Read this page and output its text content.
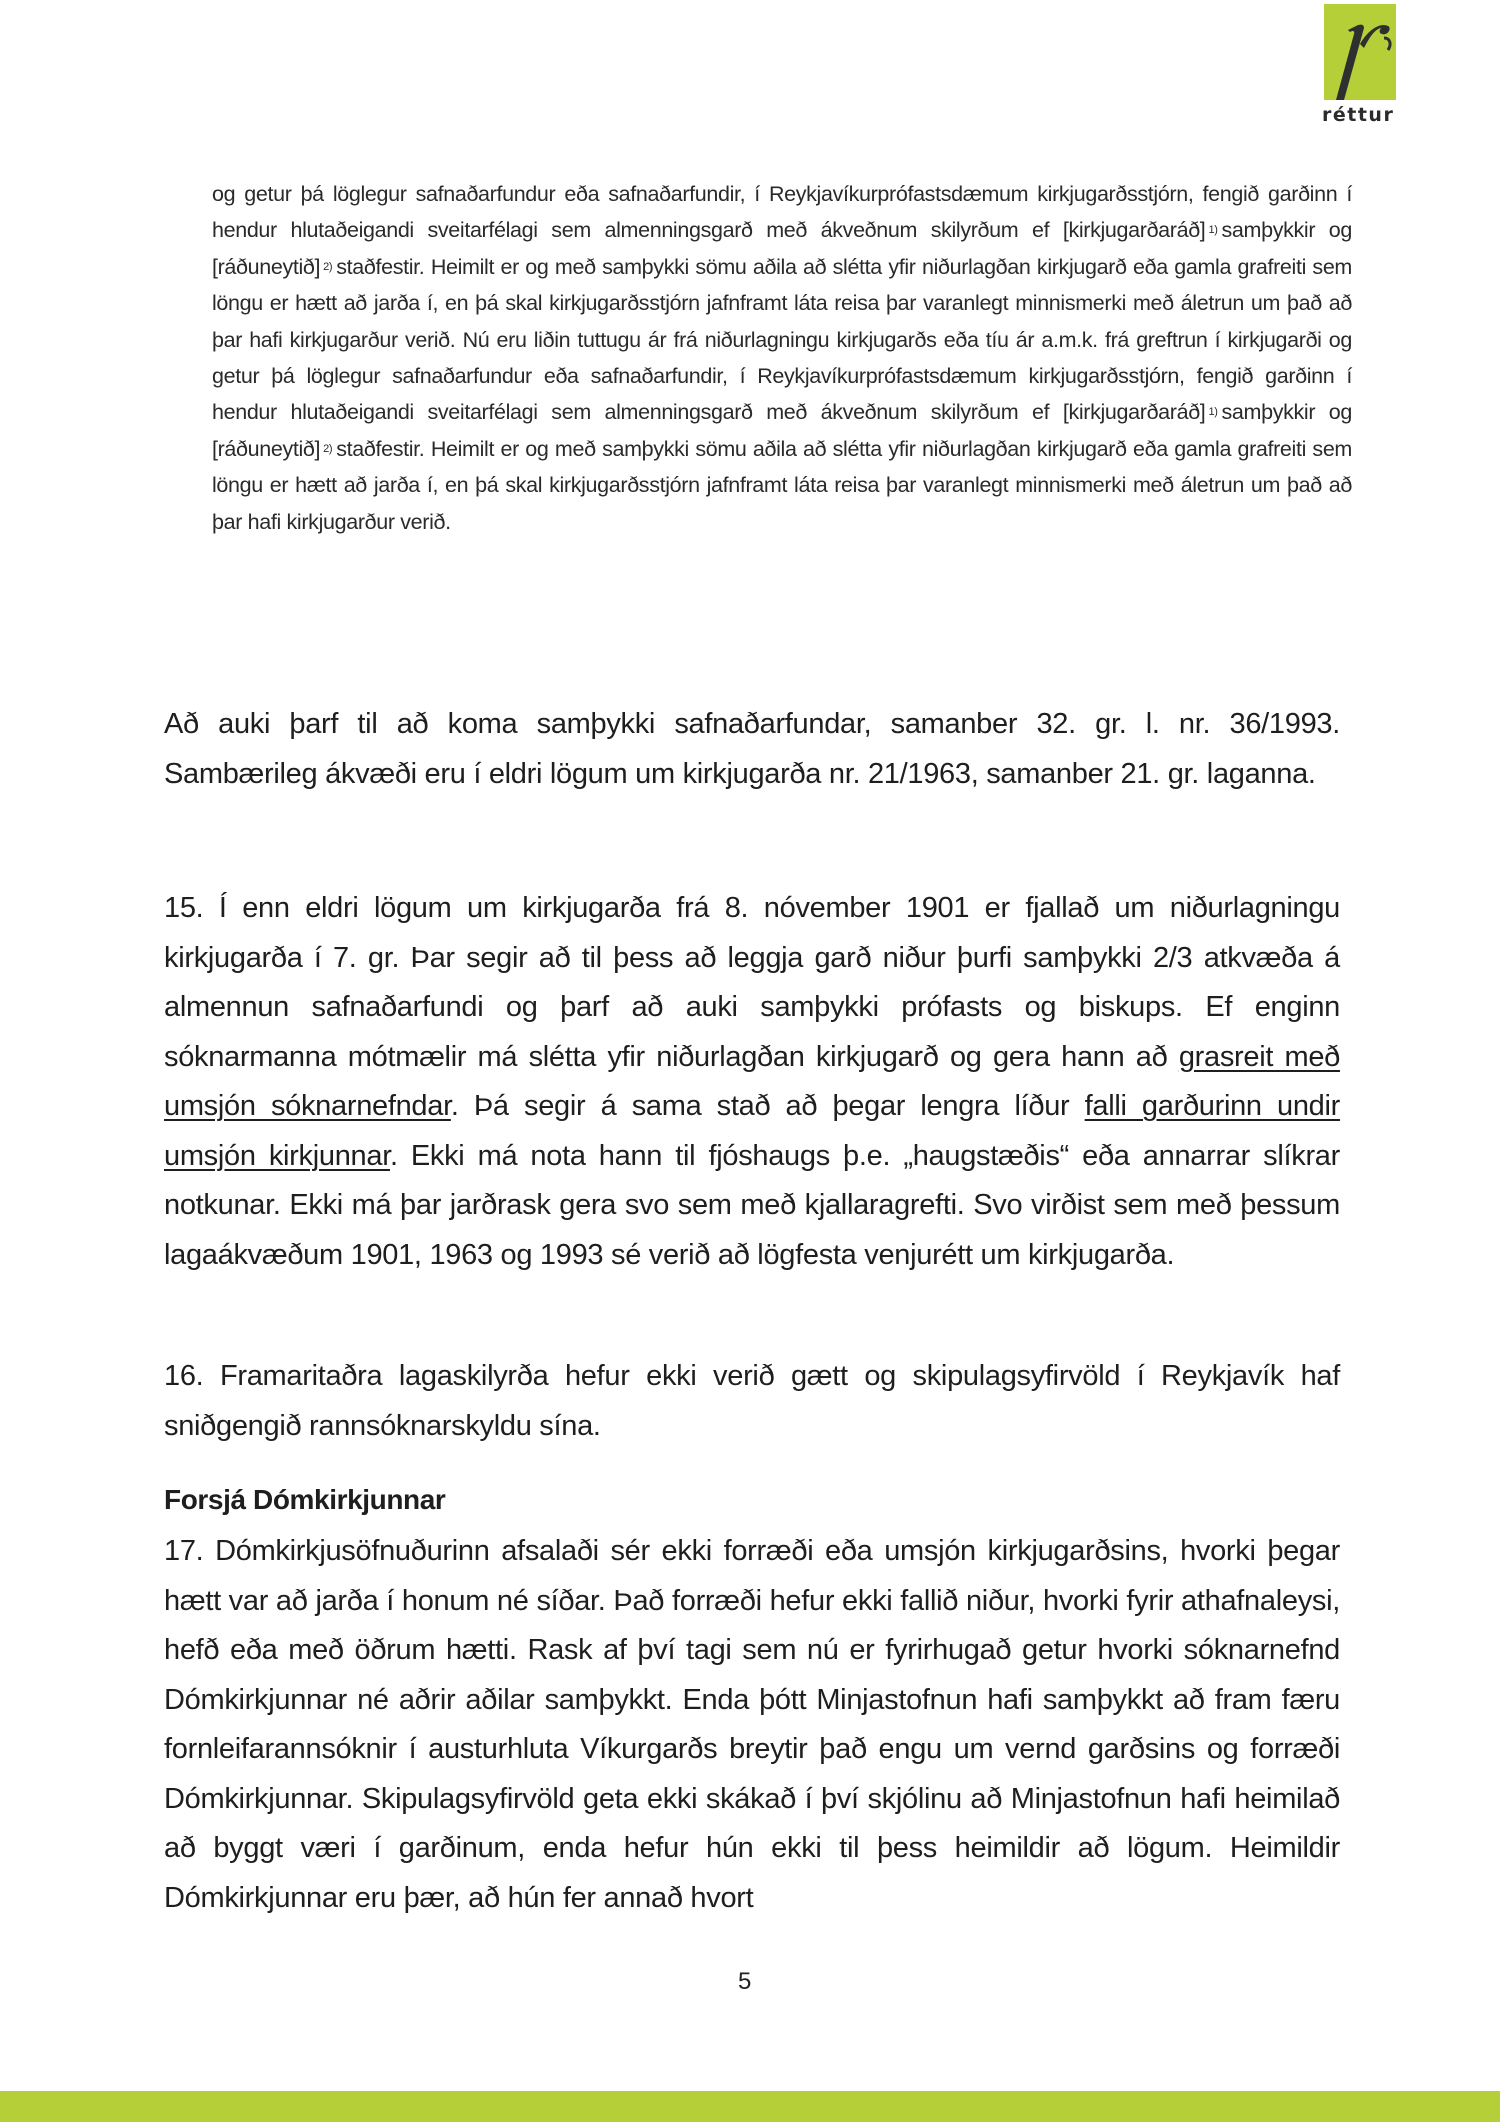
réttur

og getur þá löglegur safnaðarfundur eða safnaðarfundir, í Reykjavíkurprófastsdæmum kirkjugarðsstjórn, fengið garðinn í hendur hlutaðeigandi sveitarfélagi sem almenningsgarð með ákveðnum skilyrðum ef [kirkjugarðaráð] 1) samþykkir og [ráðuneytið] 2) staðfestir. Heimilt er og með samþykki sömu aðila að slétta yfir niðurlagðan kirkjugarð eða gamla grafreiti sem löngu er hætt að jarða í, en þá skal kirkjugarðsstjórn jafnframt láta reisa þar varanlegt minnismerki með áletrun um það að þar hafi kirkjugarður verið. Nú eru liðin tuttugu ár frá niðurlagningu kirkjugarðs eða tíu ár a.m.k. frá greftrun í kirkjugarði og getur þá löglegur safnaðarfundur eða safnaðarfundir, í Reykjavíkurprófastsdæmum kirkjugarðsstjórn, fengið garðinn í hendur hlutaðeigandi sveitarfélagi sem almenningsgarð með ákveðnum skilyrðum ef [kirkjugarðaráð] 1) samþykkir og [ráðuneytið] 2) staðfestir. Heimilt er og með samþykki sömu aðila að slétta yfir niðurlagðan kirkjugarð eða gamla grafreiti sem löngu er hætt að jarða í, en þá skal kirkjugarðsstjórn jafnframt láta reisa þar varanlegt minnismerki með áletrun um það að þar hafi kirkjugarður verið.

Að auki þarf til að koma samþykki safnaðarfundar, samanber 32. gr. l. nr. 36/1993. Sambærileg ákvæði eru í eldri lögum um kirkjugarða nr. 21/1963, samanber 21. gr. laganna.

15. Í enn eldri lögum um kirkjugarða frá 8. nóvember 1901 er fjallað um niðurlagningu kirkjugarða í 7. gr. Þar segir að til þess að leggja garð niður þurfi samþykki 2/3 atkvæða á almennun safnaðarfundi og þarf að auki samþykki prófasts og biskups. Ef enginn sóknarmanna mótmælir má slétta yfir niðurlagðan kirkjugarð og gera hann að grasreit með umsjón sóknarnefndar. Þá segir á sama stað að þegar lengra líður falli garðurinn undir umsjón kirkjunnar. Ekki má nota hann til fjóshaugs þ.e. „haugstæðis“ eða annarrar slíkrar notkunar. Ekki má þar jarðrask gera svo sem með kjallaragrefti. Svo virðist sem með þessum lagaákvæðum 1901, 1963 og 1993 sé verið að lögfesta venjurétt um kirkjugarða.

16. Framaritaðra lagaskilyrða hefur ekki verið gætt og skipulagsyfirvöld í Reykjavík haf sniðgengið rannsóknarskyldu sína.

Forsjá Dómkirkjunnar

17. Dómkirkjusöfnuðurinn afsalaði sér ekki forræði eða umsjón kirkjugarðsins, hvorki þegar hætt var að jarða í honum né síðar. Það forræði hefur ekki fallið niður, hvorki fyrir athafnaleysi, hefð eða með öðrum hætti. Rask af því tagi sem nú er fyrirhugað getur hvorki sóknarnefnd Dómkirkjunnar né aðrir aðilar samþykkt. Enda þótt Minjastofnun hafi samþykkt að fram færu fornleifarannsóknir í austurhluta Víkurgarðs breytir það engu um vernd garðsins og forræði Dómkirkjunnar. Skipulagsyfirvöld geta ekki skákað í því skjólinu að Minjastofnun hafi heimilað að byggt væri í garðinum, enda hefur hún ekki til þess heimildir að lögum. Heimildir Dómkirkjunnar eru þær, að hún fer annað hvort

5
